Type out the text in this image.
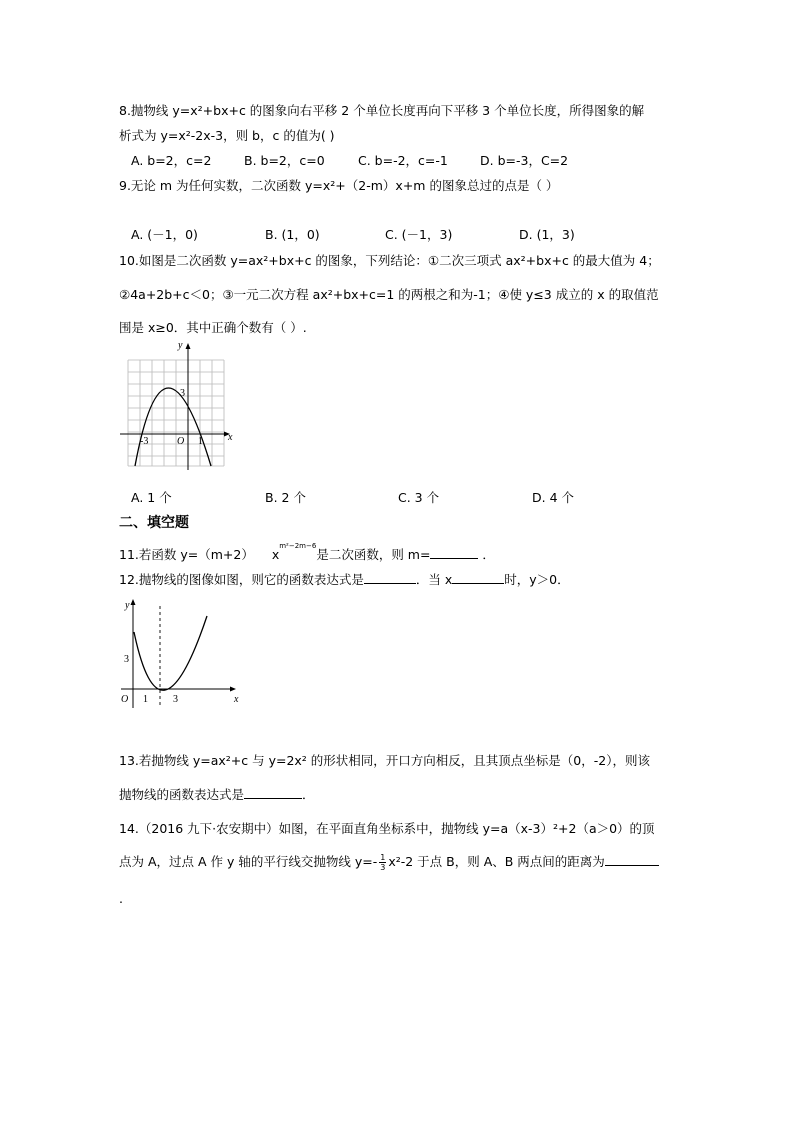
8.抛物线 y=x²+bx+c 的图象向右平移 2 个单位长度再向下平移 3 个单位长度，所得图象的解
析式为 y=x²-2x-3，则 b，c 的值为( )
A. b=2，c=2	B. b=2，c=0	C. b=-2，c=-1	D. b=-3，C=2
9.无论 m 为任何实数，二次函数 y=x²+（2-m）x+m 的图象总过的点是（ ）
A. (－1，0)	B. (1，0)	C. (－1，3)	D. (1，3)
10.如图是二次函数 y=ax²+bx+c 的图象，下列结论：①二次三项式 ax²+bx+c 的最大值为 4；
②4a+2b+c＜0；③一元二次方程 ax²+bx+c=1 的两根之和为-1；④使 y≤3 成立的 x 的取值范
围是 x≥0．其中正确个数有（ ）.
y
x
3
-3	O 1
A. 1 个	B. 2 个	C. 3 个	D. 4 个
二、填空题
11.若函数 y=（m+2） $x^{m^2-2m-6}$是二次函数，则 m=	．
12.抛物线的图像如图，则它的函数表达式是	．当 x	时，y＞0．
y
x
3
O 1	3
13.若抛物线 y=ax²+c 与 y=2x² 的形状相同，开口方向相反，且其顶点坐标是（0，-2），则该
抛物线的函数表达式是	．
14.（2016 九下·农安期中）如图，在平面直角坐标系中，抛物线 y=a（x-3）²+2（a＞0）的顶
点为 A，过点 A 作 y 轴的平行线交抛物线 $y=- \frac{1}{3} x^2-2$ 于点 B，则 A、B 两点间的距离为
.
